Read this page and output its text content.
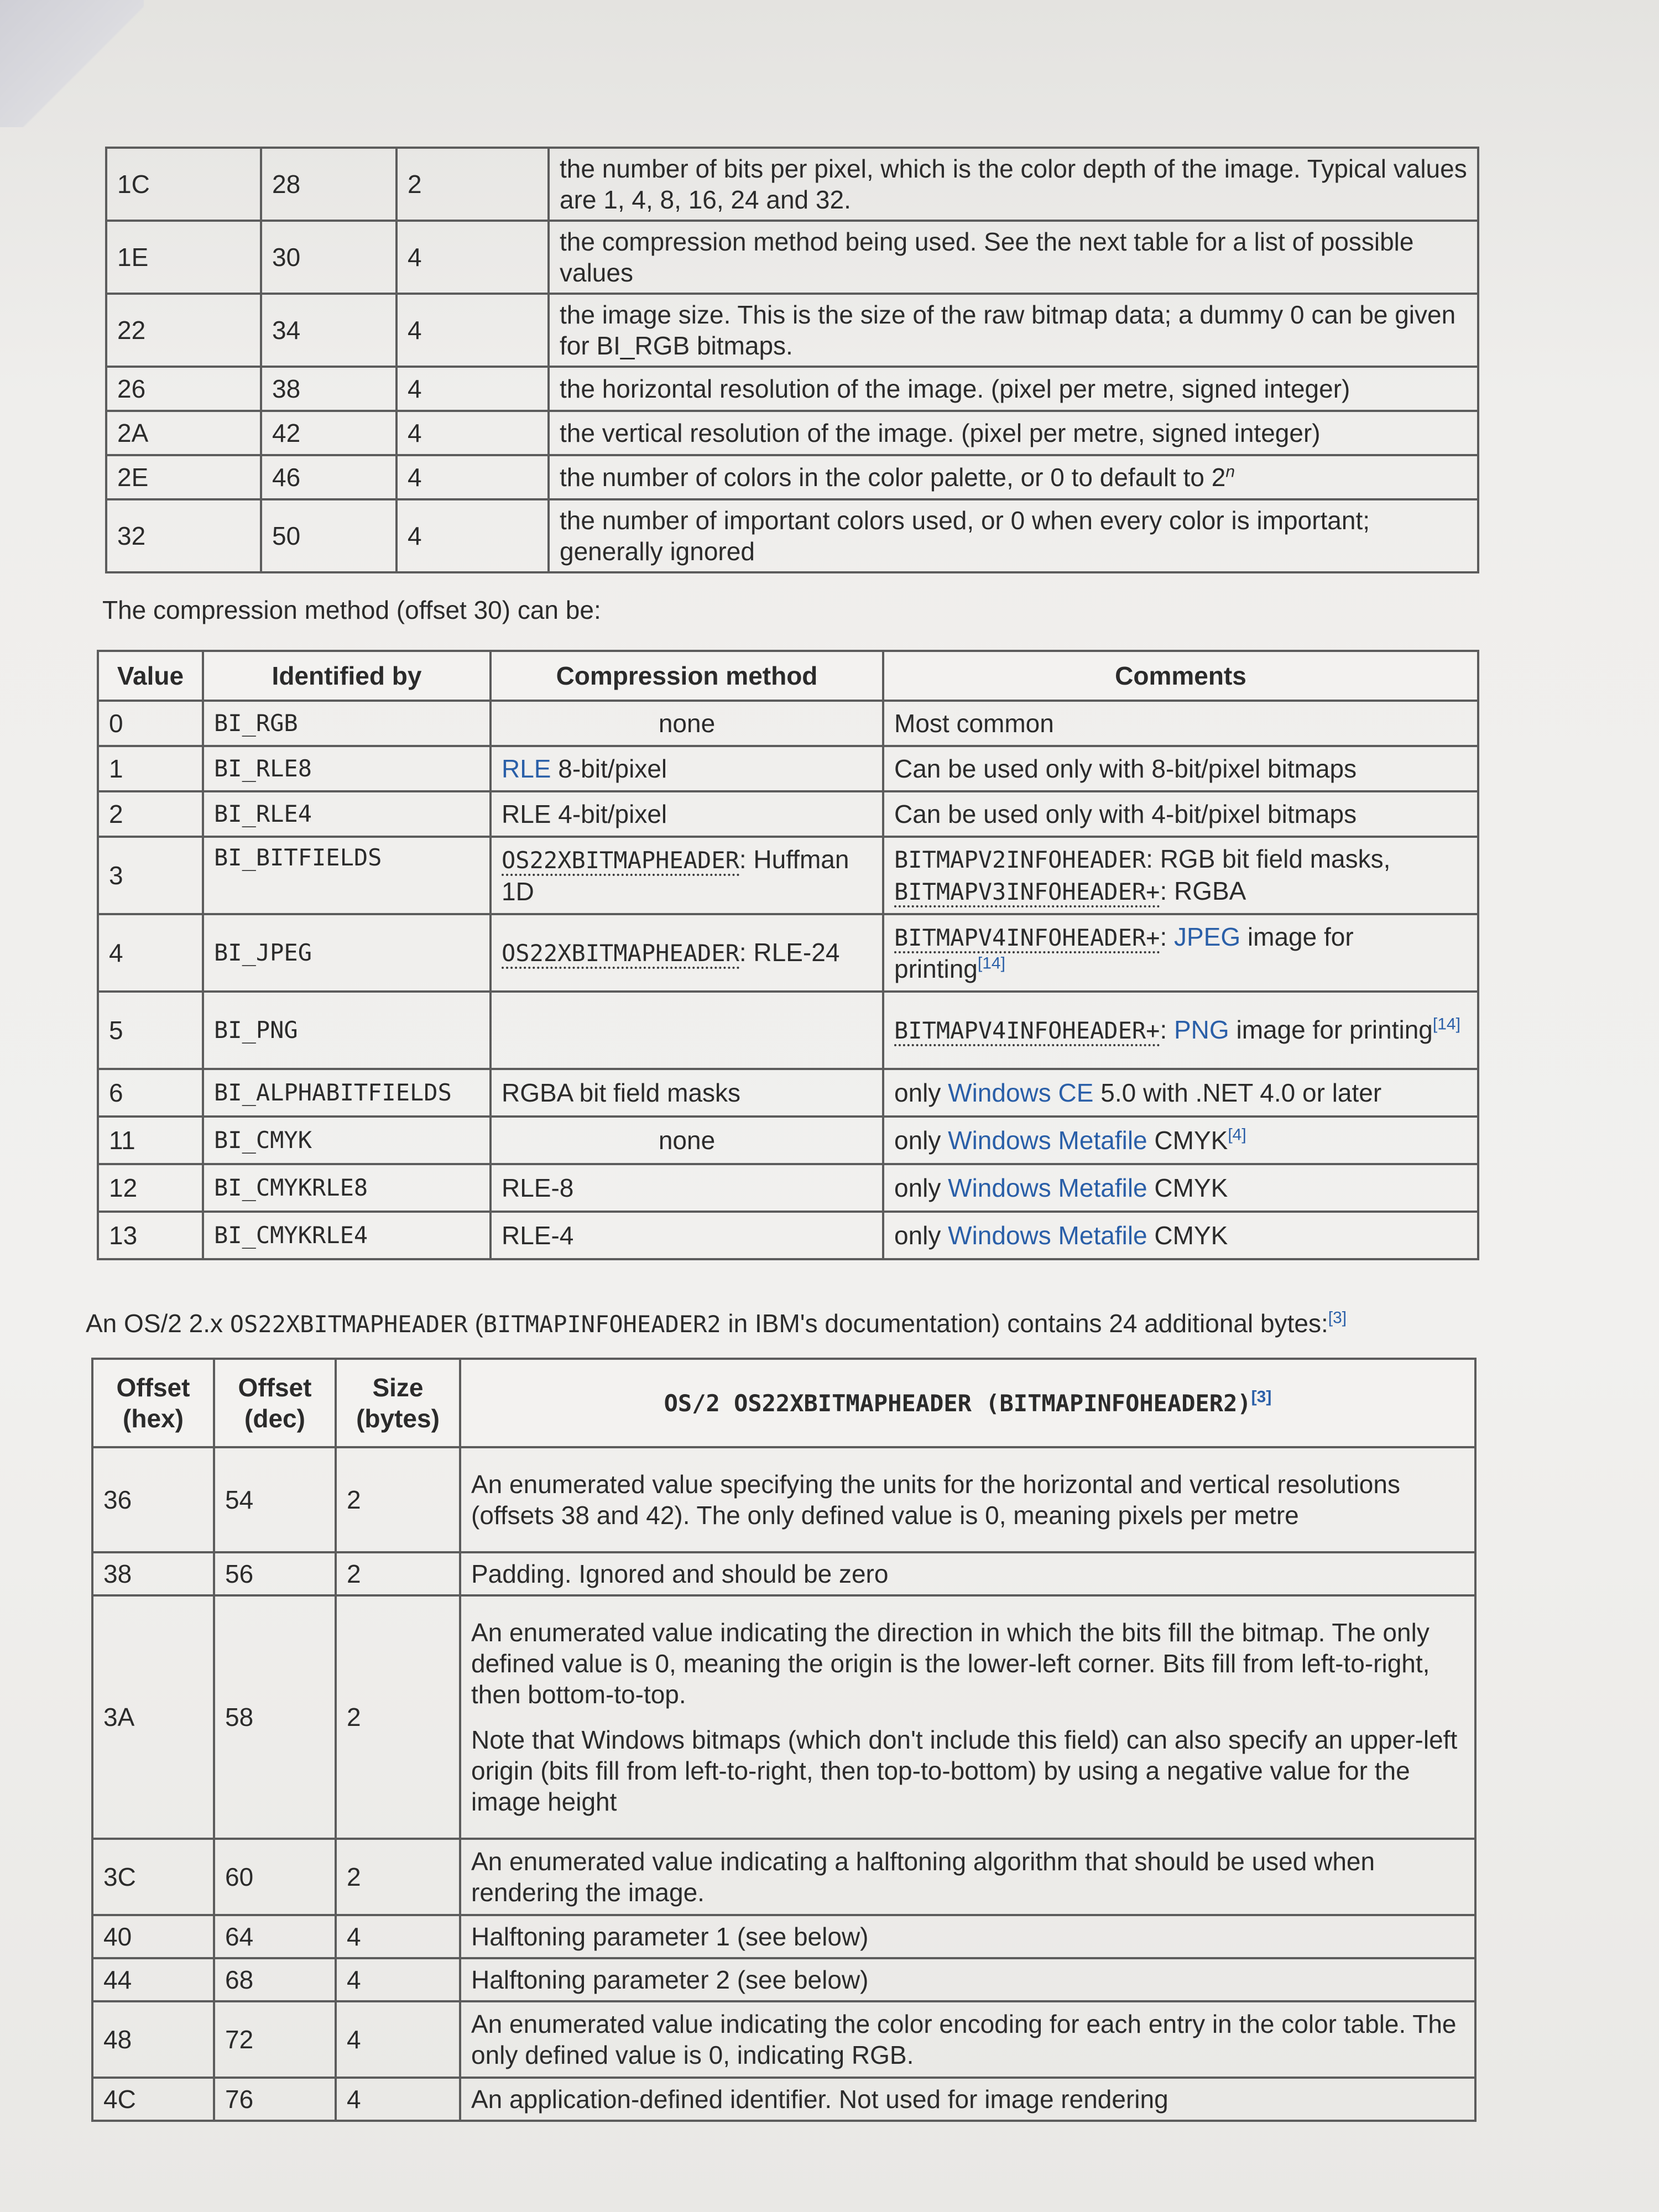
1C	28	2	the number of bits per pixel, which is the color depth of the image. Typical values are 1, 4, 8, 16, 24 and 32.
1E	30	4	the compression method being used. See the next table for a list of possible values
22	34	4	the image size. This is the size of the raw bitmap data; a dummy 0 can be given for BI_RGB bitmaps.
26	38	4	the horizontal resolution of the image. (pixel per metre, signed integer)
2A	42	4	the vertical resolution of the image. (pixel per metre, signed integer)
2E	46	4	the number of colors in the color palette, or 0 to default to 2$^n$
32	50	4	the number of important colors used, or 0 when every color is important; generally ignored
The compression method (offset 30) can be:
Value	Identified by	Compression method	Comments
0	BI_RGB	none	Most common
1	BI_RLE8	RLE 8-bit/pixel	Can be used only with 8-bit/pixel bitmaps
2	BI_RLE4	RLE 4-bit/pixel	Can be used only with 4-bit/pixel bitmaps
3	BI_BITFIELDS	OS22XBITMAPHEADER: Huffman 1D	BITMAPV2INFOHEADER: RGB bit field masks,
BITMAPV3INFOHEADER+: RGBA
4	BI_JPEG	OS22XBITMAPHEADER: RLE-24	BITMAPV4INFOHEADER+: JPEG image for printing[14]
5	BI_PNG		BITMAPV4INFOHEADER+: PNG image for printing[14]
6	BI_ALPHABITFIELDS	RGBA bit field masks	only Windows CE 5.0 with .NET 4.0 or later
11	BI_CMYK	none	only Windows Metafile CMYK[4]
12	BI_CMYKRLE8	RLE-8	only Windows Metafile CMYK
13	BI_CMYKRLE4	RLE-4	only Windows Metafile CMYK
An OS/2 2.x OS22XBITMAPHEADER (BITMAPINFOHEADER2 in IBM's documentation) contains 24 additional bytes:[3]
Offset (hex)	Offset (dec)	Size (bytes)	OS/2 OS22XBITMAPHEADER (BITMAPINFOHEADER2)[3]
36	54	2	An enumerated value specifying the units for the horizontal and vertical resolutions (offsets 38 and 42). The only defined value is 0, meaning pixels per metre
38	56	2	Padding. Ignored and should be zero
3A	58	2	An enumerated value indicating the direction in which the bits fill the bitmap. The only defined value is 0, meaning the origin is the lower-left corner. Bits fill from left-to-right, then bottom-to-top.
Note that Windows bitmaps (which don't include this field) can also specify an upper-left origin (bits fill from left-to-right, then top-to-bottom) by using a negative value for the image height
3C	60	2	An enumerated value indicating a halftoning algorithm that should be used when rendering the image.
40	64	4	Halftoning parameter 1 (see below)
44	68	4	Halftoning parameter 2 (see below)
48	72	4	An enumerated value indicating the color encoding for each entry in the color table. The only defined value is 0, indicating RGB.
4C	76	4	An application-defined identifier. Not used for image rendering
